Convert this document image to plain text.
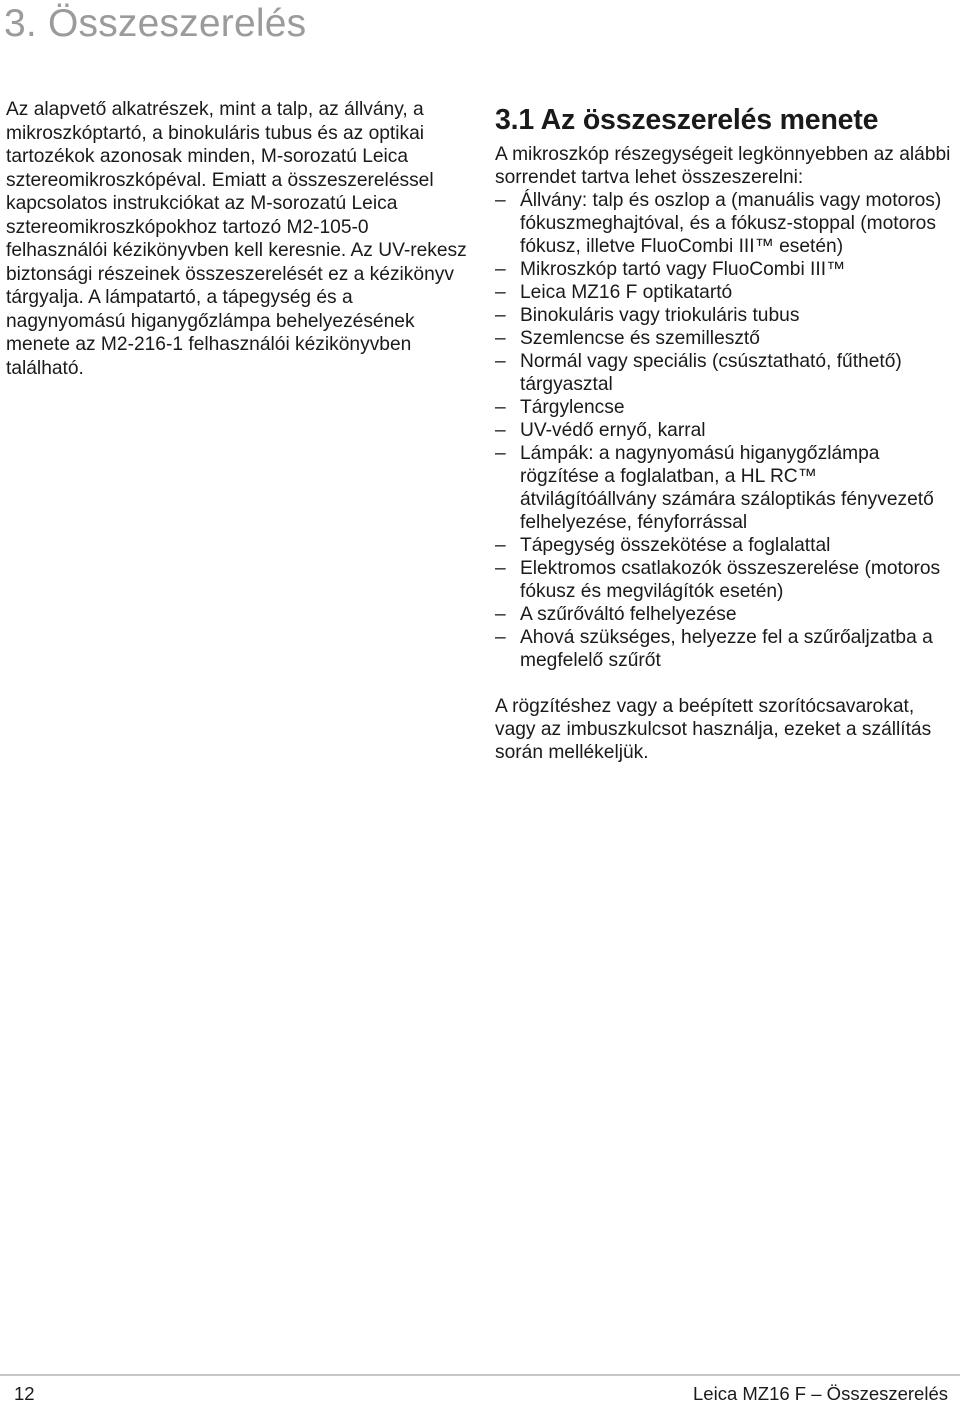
3. Összeszerelés

Az alapvető alkatrészek, mint a talp, az állvány, a mikroszkóptartó, a binokuláris tubus és az optikai tartozékok azonosak minden, M-sorozatú Leica sztereomikroszkópéval. Emiatt a összeszereléssel kapcsolatos instrukciókat az M-sorozatú Leica sztereomikroszkópokhoz tartozó M2-105-0 felhasználói kézikönyvben kell keresnie. Az UV-rekesz biztonsági részeinek összeszerelését ez a kézikönyv tárgyalja. A lámpatartó, a tápegység és a nagynyomású higanygőzlámpa behelyezésének menete az M2-216-1 felhasználói kézikönyvben található.

3.1 Az összeszerelés menete

A mikroszkóp részegységeit legkönnyebben az alábbi sorrendet tartva lehet összeszerelni:

– Állvány: talp és oszlop a (manuális vagy motoros) fókuszmeghajtóval, és a fókusz-stoppal (motoros fókusz, illetve FluoCombi III™ esetén)
– Mikroszkóp tartó vagy FluoCombi III™
– Leica MZ16 F optikatartó
– Binokuláris vagy triokuláris tubus
– Szemlencse és szemillesztő
– Normál vagy speciális (csúsztatható, fűthető) tárgyasztal
– Tárgylencse
– UV-védő ernyő, karral
– Lámpák: a nagynyomású higanygőzlámpa rögzítése a foglalatban, a HL RC™ átvilágítóállvány számára száloptikás fényvezető felhelyezése, fényforrással
– Tápegység összekötése a foglalattal
– Elektromos csatlakozók összeszerelése (motoros fókusz és megvilágítók esetén)
– A szűrőváltó felhelyezése
– Ahová szükséges, helyezze fel a szűrőaljzatba a megfelelő szűrőt

A rögzítéshez vagy a beépített szorítócsavarokat, vagy az imbuszkulcsot használja, ezeket a szállítás során mellékeljük.

12	Leica MZ16 F – Összeszerelés
